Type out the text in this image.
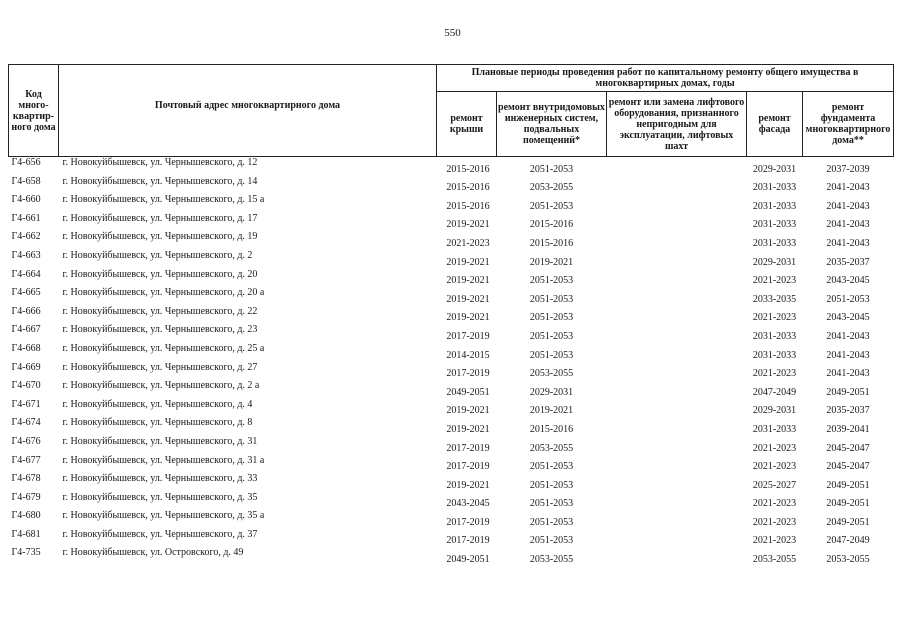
550
Код много-квартир-ного дома	Почтовый адрес многоквартирного дома	Плановые периоды проведения работ по капитальному ремонту общего имущества в многоквартирных домах, годы				
		ремонт крыши	ремонт внутридомовых инженерных систем, подвальных помещений*	ремонт или замена лифтового оборудования, признанного непригодным для эксплуатации, лифтовых шахт	ремонт фасада	ремонт фундамента многоквартирного дома**
Г4-656	г. Новокуйбышевск, ул. Чернышевского, д. 12	2015-2016	2051-2053		2029-2031	2037-2039
Г4-658	г. Новокуйбышевск, ул. Чернышевского, д. 14	2015-2016	2053-2055		2031-2033	2041-2043
Г4-660	г. Новокуйбышевск, ул. Чернышевского, д. 15 а	2015-2016	2051-2053		2031-2033	2041-2043
Г4-661	г. Новокуйбышевск, ул. Чернышевского, д. 17	2019-2021	2015-2016		2031-2033	2041-2043
Г4-662	г. Новокуйбышевск, ул. Чернышевского, д. 19	2021-2023	2015-2016		2031-2033	2041-2043
Г4-663	г. Новокуйбышевск, ул. Чернышевского, д. 2	2019-2021	2019-2021		2029-2031	2035-2037
Г4-664	г. Новокуйбышевск, ул. Чернышевского, д. 20	2019-2021	2051-2053		2021-2023	2043-2045
Г4-665	г. Новокуйбышевск, ул. Чернышевского, д. 20 а	2019-2021	2051-2053		2033-2035	2051-2053
Г4-666	г. Новокуйбышевск, ул. Чернышевского, д. 22	2019-2021	2051-2053		2021-2023	2043-2045
Г4-667	г. Новокуйбышевск, ул. Чернышевского, д. 23	2017-2019	2051-2053		2031-2033	2041-2043
Г4-668	г. Новокуйбышевск, ул. Чернышевского, д. 25 а	2014-2015	2051-2053		2031-2033	2041-2043
Г4-669	г. Новокуйбышевск, ул. Чернышевского, д. 27	2017-2019	2053-2055		2021-2023	2041-2043
Г4-670	г. Новокуйбышевск, ул. Чернышевского, д. 2 а	2049-2051	2029-2031		2047-2049	2049-2051
Г4-671	г. Новокуйбышевск, ул. Чернышевского, д. 4	2019-2021	2019-2021		2029-2031	2035-2037
Г4-674	г. Новокуйбышевск, ул. Чернышевского, д. 8	2019-2021	2015-2016		2031-2033	2039-2041
Г4-676	г. Новокуйбышевск, ул. Чернышевского, д. 31	2017-2019	2053-2055		2021-2023	2045-2047
Г4-677	г. Новокуйбышевск, ул. Чернышевского, д. 31 а	2017-2019	2051-2053		2021-2023	2045-2047
Г4-678	г. Новокуйбышевск, ул. Чернышевского, д. 33	2019-2021	2051-2053		2025-2027	2049-2051
Г4-679	г. Новокуйбышевск, ул. Чернышевского, д. 35	2043-2045	2051-2053		2021-2023	2049-2051
Г4-680	г. Новокуйбышевск, ул. Чернышевского, д. 35 а	2017-2019	2051-2053		2021-2023	2049-2051
Г4-681	г. Новокуйбышевск, ул. Чернышевского, д. 37	2017-2019	2051-2053		2021-2023	2047-2049
Г4-735	г. Новокуйбышевск, ул. Островского, д. 49	2049-2051	2053-2055		2053-2055	2053-2055
